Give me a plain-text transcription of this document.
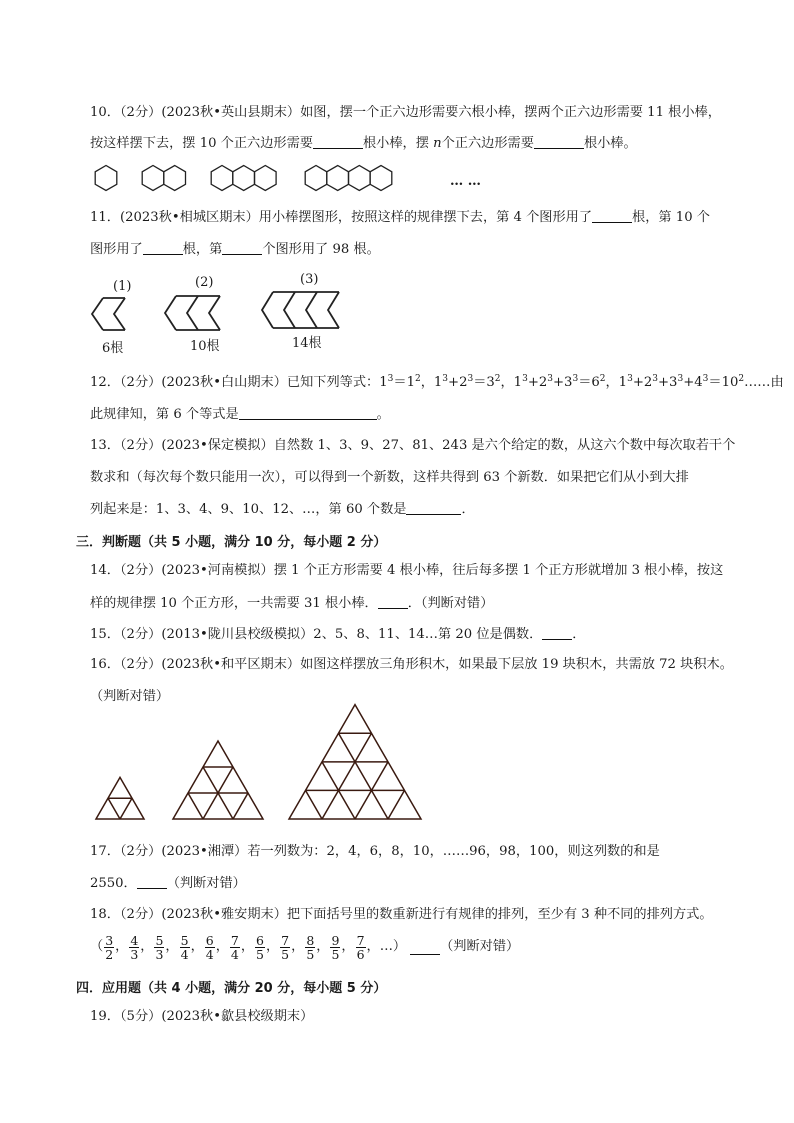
10．（2分）(2023秋•英山县期末）如图，摆一个正六边形需要六根小棒，摆两个正六边形需要 11 根小棒，
按这样摆下去，摆 10 个正六边形需要	根小棒，摆 n个正六边形需要	根小棒。
… …
11．(2023秋•相城区期末）用小棒摆图形，按照这样的规律摆下去，第 4 个图形用了	根，第 10 个
图形用了	根，第	个图形用了 98 根。
(1)	(2)	(3)
6根	10根	14根
12．（2分）(2023秋•白山期末）已知下列等式：$1^3=1^2$，$1^3+2^3=3^2$，$1^3+2^3+3^3=6^2$，$1^3+2^3+3^3+4^3=10^2\dots\dots$由
此规律知，第 6 个等式是	。
13．（2分）(2023•保定模拟）自然数 1、3、9、27、81、243 是六个给定的数，从这六个数中每次取若干个
数求和（每次每个数只能用一次），可以得到一个新数，这样共得到 63 个新数．如果把它们从小到大排
列起来是：1、3、4、9、10、12、…，第 60 个数是	．
三．判断题（共 5 小题，满分 10 分，每小题 2 分）
14．（2分）(2023•河南模拟）摆 1 个正方形需要 4 根小棒，往后每多摆 1 个正方形就增加 3 根小棒，按这
样的规律摆 10 个正方形，一共需要 31 根小棒． ．（判断对错）
15．（2分）(2013•陇川县校级模拟）2、5、8、11、14…第 20 位是偶数． ．
16．（2分）(2023秋•和平区期末）如图这样摆放三角形积木，如果最下层放 19 块积木，共需放 72 块积木。
（判断对错）
17．（2分）(2023•湘潭）若一列数为：2，4，6，8，10，……96，98，100，则这列数的和是
2550． （判断对错）
18．（2分）(2023秋•雅安期末）把下面括号里的数重新进行有规律的排列，至少有 3 种不同的排列方式。
（ $\frac{3}{2}$ ， $\frac{4}{3}$ ， $\frac{5}{3}$ ， $\frac{5}{4}$ ， $\frac{6}{4}$ ， $\frac{7}{4}$ ， $\frac{6}{5}$ ， $\frac{7}{5}$ ， $\frac{8}{5}$ ， $\frac{9}{5}$ ， $\frac{7}{6}$ ，…）	（判断对错）
四．应用题（共 4 小题，满分 20 分，每小题 5 分）
19．（5分）(2023秋•歙县校级期末）
